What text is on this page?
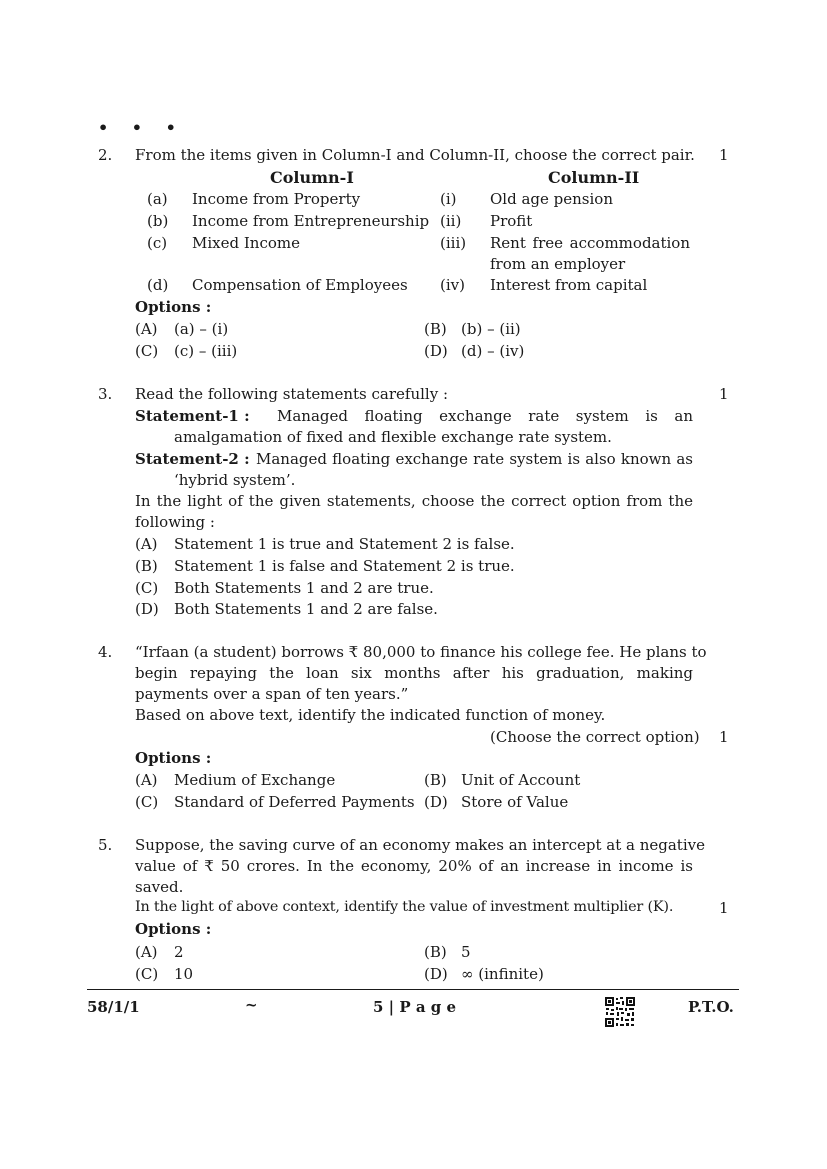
• • •
2. From the items given in Column-I and Column-II, choose the correct pair. 1
Column-I	Column-II
(a) Income from Property	(i) Old age pension
(b) Income from Entrepreneurship (ii) Profit
(c) Mixed Income	(iii) Rent free accommodation
from an employer
(d) Compensation of Employees (iv) Interest from capital
Options :
(A) (a) – (i)	(B) (b) – (ii)
(C) (c) – (iii)	(D) (d) – (iv)
3. Read the following statements carefully :	1
Statement-1 : Managed floating exchange rate system is an
amalgamation of fixed and flexible exchange rate system.
Statement-2 : Managed floating exchange rate system is also known as
‘hybrid system’.
In the light of the given statements, choose the correct option from the
following :
(A) Statement 1 is true and Statement 2 is false.
(B) Statement 1 is false and Statement 2 is true.
(C) Both Statements 1 and 2 are true.
(D) Both Statements 1 and 2 are false.
4. “Irfaan (a student) borrows ₹ 80,000 to finance his college fee. He plans to
begin repaying the loan six months after his graduation, making
payments over a span of ten years.”
Based on above text, identify the indicated function of money.
(Choose the correct option) 1
Options :
(A) Medium of Exchange	(B) Unit of Account
(C) Standard of Deferred Payments (D) Store of Value
5. Suppose, the saving curve of an economy makes an intercept at a negative
value of ₹ 50 crores. In the economy, 20% of an increase in income is
saved.
In the light of above context, identify the value of investment multiplier (K).	1
Options :
(A) 2	(B) 5
(C) 10	(D) ∞ (infinite)
58/1/1	~	5 | P a g e	P.T.O.
